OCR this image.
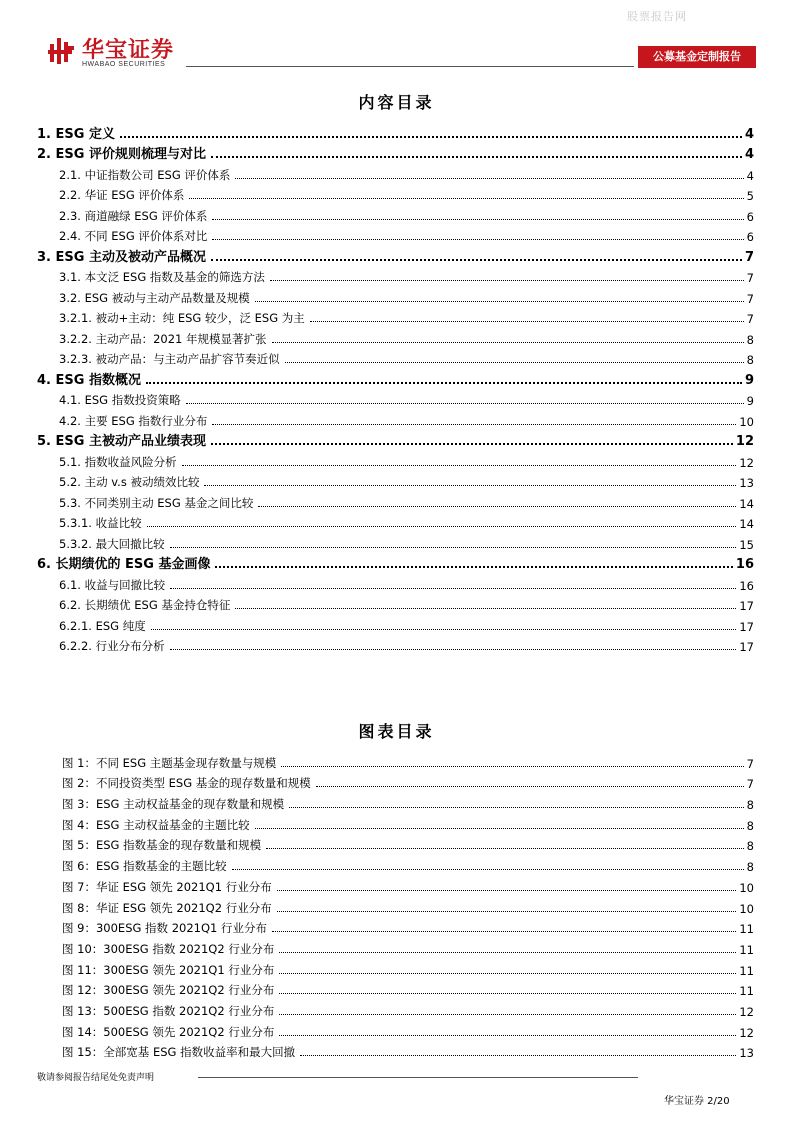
股票报告网
华宝证券
HWABAO SECURITIES
公募基金定制报告
内容目录
1. ESG 定义	4
2. ESG 评价规则梳理与对比	4
2.1. 中证指数公司 ESG 评价体系	4
2.2. 华证 ESG 评价体系	5
2.3. 商道融绿 ESG 评价体系	6
2.4. 不同 ESG 评价体系对比	6
3. ESG 主动及被动产品概况	7
3.1. 本文泛 ESG 指数及基金的筛选方法	7
3.2. ESG 被动与主动产品数量及规模	7
3.2.1. 被动+主动：纯 ESG 较少，泛 ESG 为主	7
3.2.2. 主动产品：2021 年规模显著扩张	8
3.2.3. 被动产品：与主动产品扩容节奏近似	8
4. ESG 指数概况	9
4.1. ESG 指数投资策略	9
4.2. 主要 ESG 指数行业分布	10
5. ESG 主被动产品业绩表现	12
5.1. 指数收益风险分析	12
5.2. 主动 v.s 被动绩效比较	13
5.3. 不同类别主动 ESG 基金之间比较	14
5.3.1. 收益比较	14
5.3.2. 最大回撤比较	15
6. 长期绩优的 ESG 基金画像	16
6.1. 收益与回撤比较	16
6.2. 长期绩优 ESG 基金持仓特征	17
6.2.1. ESG 纯度	17
6.2.2. 行业分布分析	17
图表目录
图 1：不同 ESG 主题基金现存数量与规模	7
图 2：不同投资类型 ESG 基金的现存数量和规模	7
图 3：ESG 主动权益基金的现存数量和规模	8
图 4：ESG 主动权益基金的主题比较	8
图 5：ESG 指数基金的现存数量和规模	8
图 6：ESG 指数基金的主题比较	8
图 7：华证 ESG 领先 2021Q1 行业分布	10
图 8：华证 ESG 领先 2021Q2 行业分布	10
图 9：300ESG 指数 2021Q1 行业分布	11
图 10：300ESG 指数 2021Q2 行业分布	11
图 11：300ESG 领先 2021Q1 行业分布	11
图 12：300ESG 领先 2021Q2 行业分布	11
图 13：500ESG 指数 2021Q2 行业分布	12
图 14：500ESG 领先 2021Q2 行业分布	12
图 15：全部宽基 ESG 指数收益率和最大回撤	13
敬请参阅报告结尾处免责声明
华宝证券 2/20
